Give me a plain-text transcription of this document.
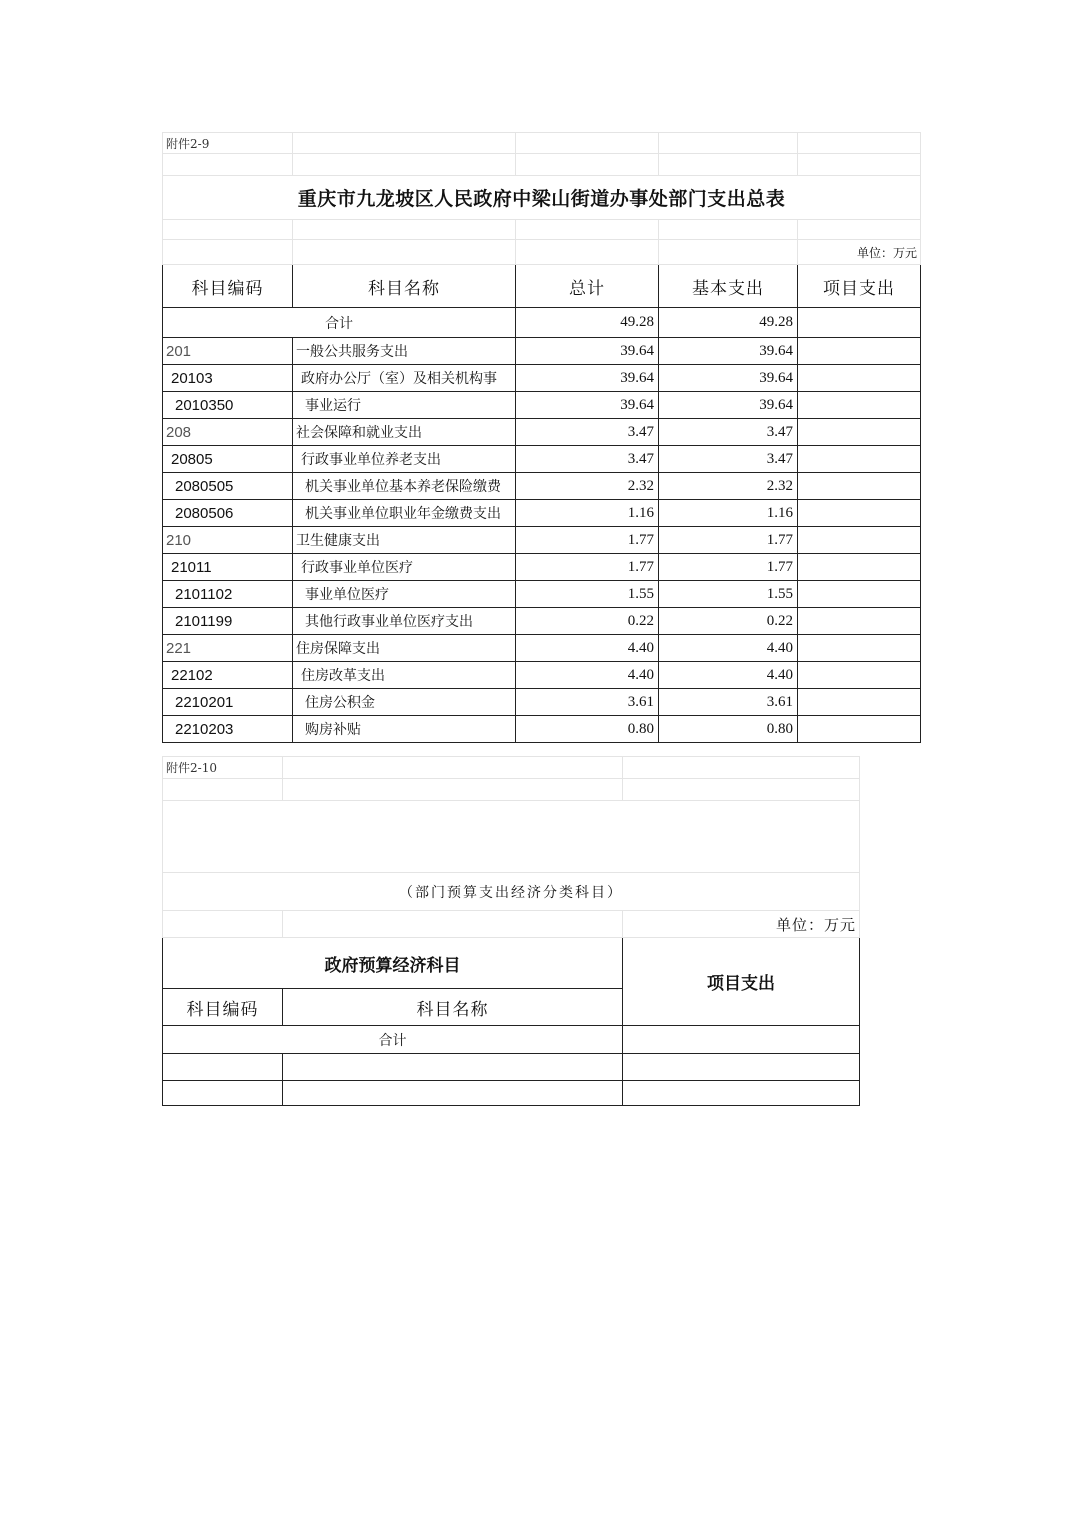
附件2-9				

重庆市九龙坡区人民政府中梁山街道办事处部门支出总表				

				单位：万元
科目编码	科目名称	总计	基本支出	项目支出
合计		49.28	49.28	
201	一般公共服务支出	39.64	39.64	
20103	政府办公厅（室）及相关机构事	39.64	39.64	
2010350	事业运行	39.64	39.64	
208	社会保障和就业支出	3.47	3.47	
20805	行政事业单位养老支出	3.47	3.47	
2080505	机关事业单位基本养老保险缴费	2.32	2.32	
2080506	机关事业单位职业年金缴费支出	1.16	1.16	
210	卫生健康支出	1.77	1.77	
21011	行政事业单位医疗	1.77	1.77	
2101102	事业单位医疗	1.55	1.55	
2101199	其他行政事业单位医疗支出	0.22	0.22	
221	住房保障支出	4.40	4.40	
22102	住房改革支出	4.40	4.40	
2210201	住房公积金	3.61	3.61	
2210203	购房补贴	0.80	0.80	
附件2-10		

（部门预算支出经济分类科目）		
		单位：万元
政府预算经济科目		项目支出
科目编码	科目名称	
合计		
